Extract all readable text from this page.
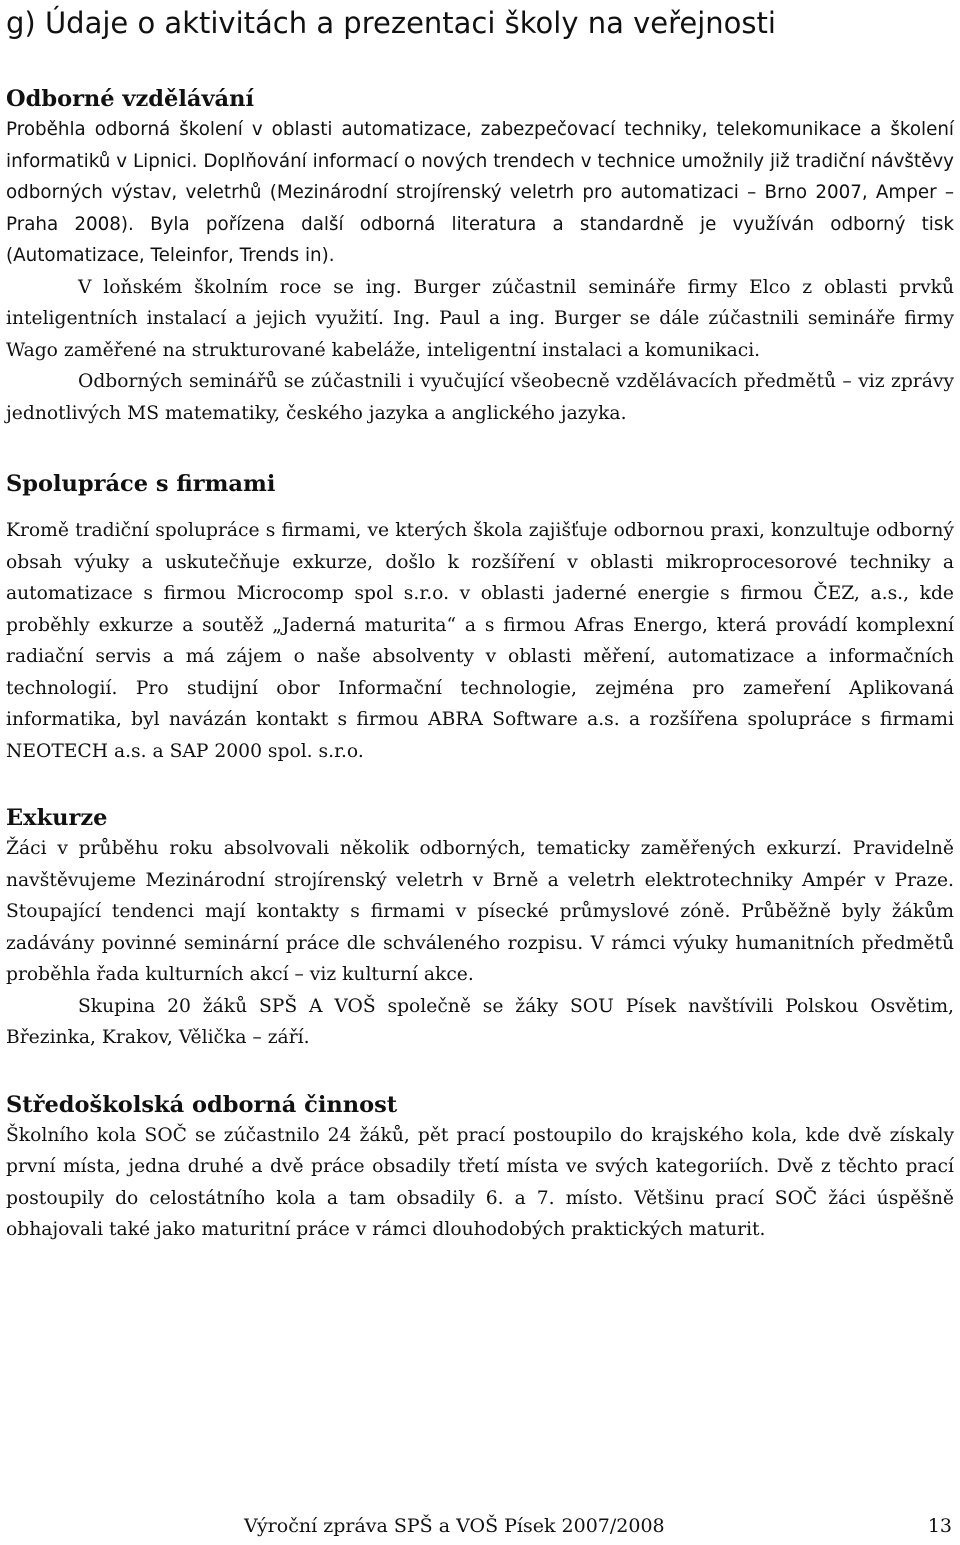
g) Údaje o aktivitách a prezentaci školy na veřejnosti
Odborné vzdělávání

Proběhla odborná školení v oblasti automatizace, zabezpečovací techniky, telekomunikace a školení informatiků v Lipnici. Doplňování informací o nových trendech v technice umožnily již tradiční návštěvy odborných výstav, veletrhů (Mezinárodní strojírenský veletrh pro automatizaci – Brno 2007, Amper – Praha 2008). Byla pořízena další odborná literatura a standardně je využíván odborný tisk (Automatizace, Teleinfor, Trends in).

V loňském školním roce se ing. Burger zúčastnil semináře firmy Elco z oblasti prvků inteligentních instalací a jejich využití. Ing. Paul a ing. Burger se dále zúčastnili semináře firmy Wago zaměřené na strukturované kabeláže, inteligentní instalaci a komunikaci.

Odborných seminářů se zúčastnili i vyučující všeobecně vzdělávacích předmětů – viz zprávy jednotlivých MS matematiky, českého jazyka a anglického jazyka.

Spolupráce s firmami

Kromě tradiční spolupráce s firmami, ve kterých škola zajišťuje odbornou praxi, konzultuje odborný obsah výuky a uskutečňuje exkurze, došlo k rozšíření v oblasti mikroprocesorové techniky a automatizace s firmou Microcomp spol s.r.o. v oblasti jaderné energie s firmou ČEZ, a.s., kde proběhly exkurze a soutěž „Jaderná maturita“ a s firmou Afras Energo, která provádí komplexní radiační servis a má zájem o naše absolventy v oblasti měření, automatizace a informačních technologií. Pro studijní obor Informační technologie, zejména pro zameření Aplikovaná informatika, byl navázán kontakt s firmou ABRA Software a.s. a rozšířena spolupráce s firmami NEOTECH a.s. a SAP 2000 spol. s.r.o.

Exkurze

Žáci v průběhu roku absolvovali několik odborných, tematicky zaměřených exkurzí. Pravidelně navštěvujeme Mezinárodní strojírenský veletrh v Brně a veletrh elektrotechniky Ampér v Praze. Stoupající tendenci mají kontakty s firmami v písecké průmyslové zóně. Průběžně byly žákům zadávány povinné seminární práce dle schváleného rozpisu. V rámci výuky humanitních předmětů proběhla řada kulturních akcí – viz kulturní akce.

Skupina 20 žáků SPŠ A VOŠ společně se žáky SOU Písek navštívili Polskou Osvětim, Březinka, Krakov, Vělička – září.

Středoškolská odborná činnost

Školního kola SOČ se zúčastnilo 24 žáků, pět prací postoupilo do krajského kola, kde dvě získaly první místa, jedna druhé a dvě práce obsadily třetí místa ve svých kategoriích. Dvě z těchto prací postoupily do celostátního kola a tam obsadily 6. a 7. místo. Většinu prací SOČ žáci úspěšně obhajovali také jako maturitní práce v rámci dlouhodobých praktických maturit.

Výroční zpráva SPŠ a VOŠ Písek 2007/2008	13
